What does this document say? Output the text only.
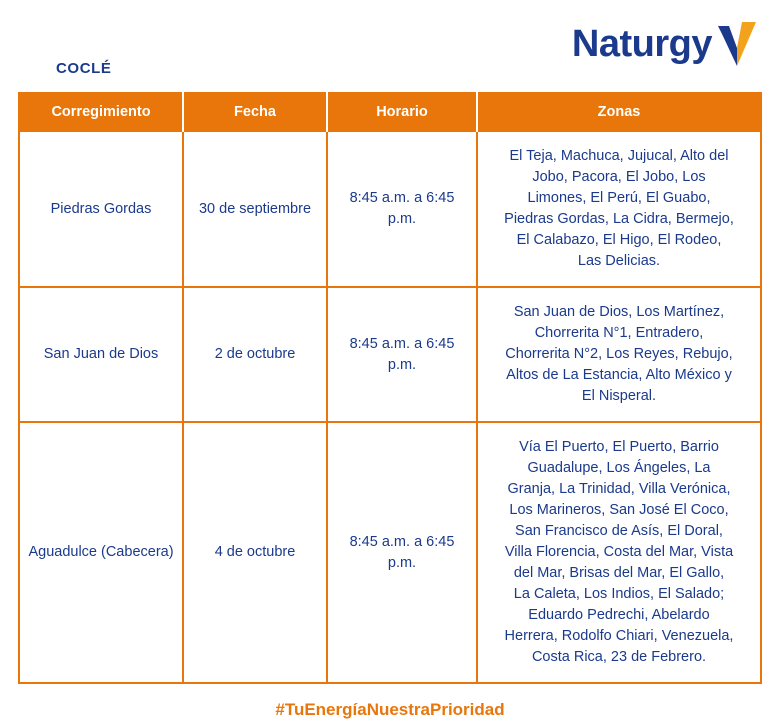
Naturgy
COCLÉ
Corregimiento	Fecha	Horario	Zonas
Piedras Gordas	30 de septiembre	8:45 a.m. a 6:45 p.m.	El Teja, Machuca, Jujucal, Alto del Jobo, Pacora, El Jobo, Los Limones, El Perú, El Guabo, Piedras Gordas, La Cidra, Bermejo, El Calabazo, El Higo, El Rodeo, Las Delicias.
San Juan de Dios	2 de octubre	8:45 a.m. a 6:45 p.m.	San Juan de Dios, Los Martínez, Chorrerita N°1, Entradero, Chorrerita N°2, Los Reyes, Rebujo, Altos de La Estancia, Alto México y El Nisperal.
Aguadulce (Cabecera)	4 de octubre	8:45 a.m. a 6:45 p.m.	Vía El Puerto, El Puerto, Barrio Guadalupe, Los Ángeles, La Granja, La Trinidad, Villa Verónica, Los Marineros, San José El Coco, San Francisco de Asís, El Doral, Villa Florencia, Costa del Mar, Vista del Mar, Brisas del Mar, El Gallo, La Caleta, Los Indios, El Salado; Eduardo Pedrechi, Abelardo Herrera, Rodolfo Chiari, Venezuela, Costa Rica, 23 de Febrero.
#TuEnergíaNuestraPrioridad
